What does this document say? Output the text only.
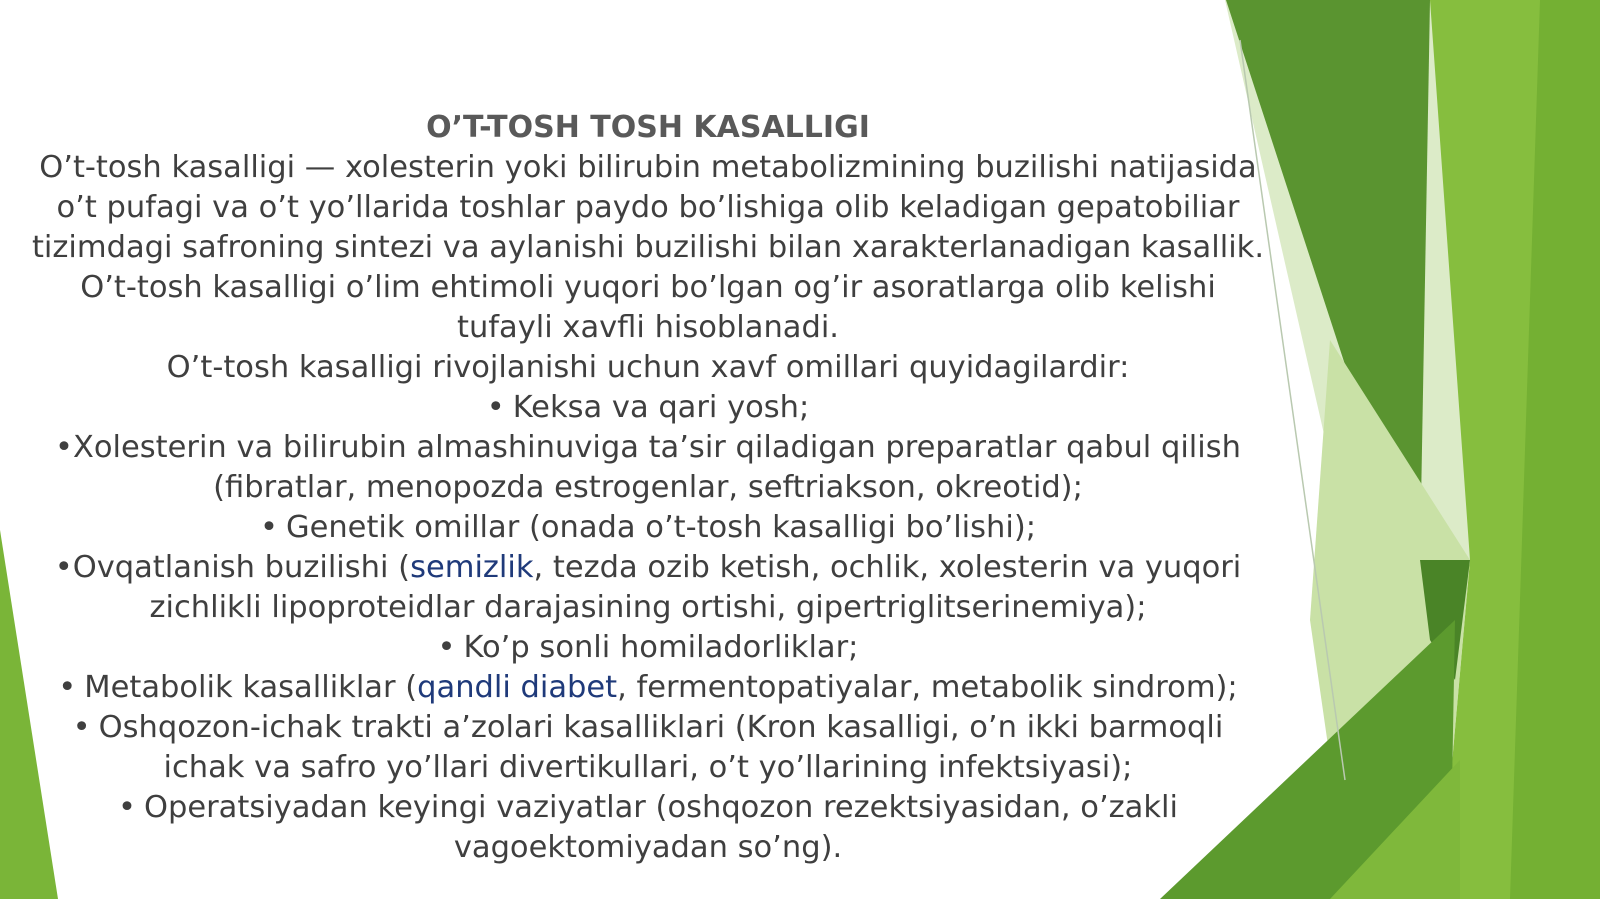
O’T-TOSH TOSH KASALLIGI

O’t-tosh kasalligi — xolesterin yoki bilirubin metabolizmining buzilishi natijasida o’t pufagi va o’t yo’llarida toshlar paydo bo’lishiga olib keladigan gepatobiliar tizimdagi safroning sintezi va aylanishi buzilishi bilan xarakterlanadigan kasallik. O’t-tosh kasalligi o’lim ehtimoli yuqori bo’lgan og’ir asoratlarga olib kelishi tufayli xavfli hisoblanadi.

O’t-tosh kasalligi rivojlanishi uchun xavf omillari quyidagilardir:

• Keksa va qari yosh;

•Xolesterin va bilirubin almashinuviga ta’sir qiladigan preparatlar qabul qilish (fibratlar, menopozda estrogenlar, seftriakson, okreotid);

• Genetik omillar (onada o’t-tosh kasalligi bo’lishi);

•Ovqatlanish buzilishi (semizlik, tezda ozib ketish, ochlik, xolesterin va yuqori zichlikli lipoproteidlar darajasining ortishi, gipertriglitserinemiya);

• Ko’p sonli homiladorliklar;

• Metabolik kasalliklar (qandli diabet, fermentopatiyalar, metabolik sindrom);

• Oshqozon-ichak trakti a’zolari kasalliklari (Kron kasalligi, o’n ikki barmoqli ichak va safro yo’llari divertikullari, o’t yo’llarining infektsiyasi);

• Operatsiyadan keyingi vaziyatlar (oshqozon rezektsiyasidan, o’zakli vagoektomiyadan so’ng).
